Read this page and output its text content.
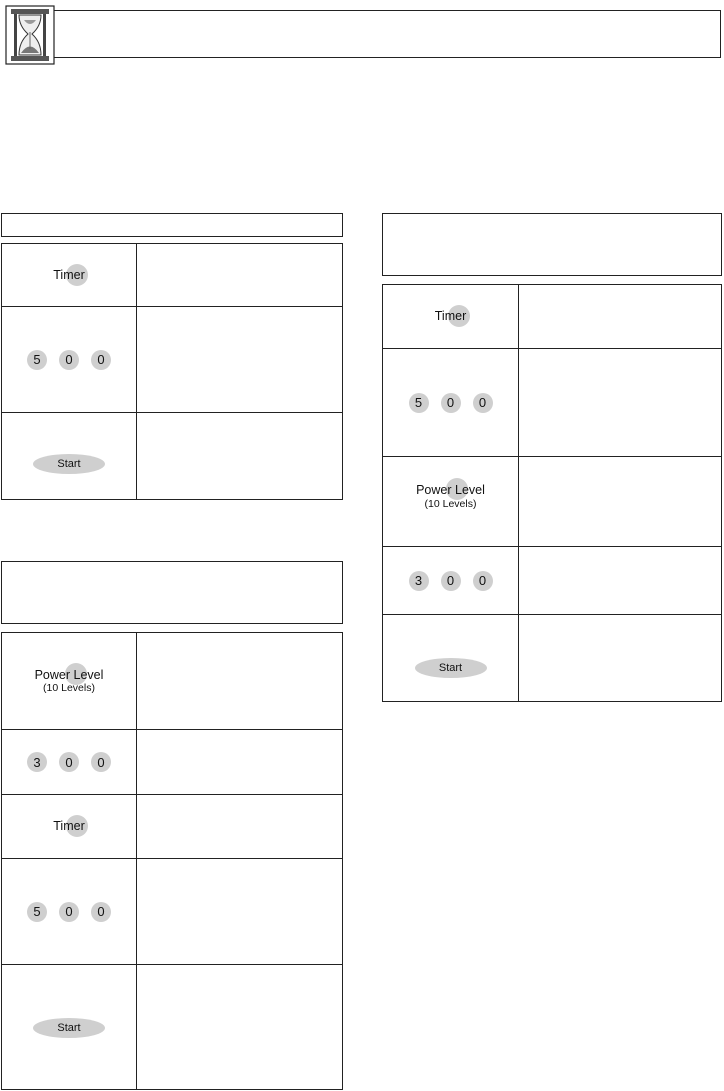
Timer
5	0	0
Start
Power Level
(10 Levels)
3	0	0
Timer
5	0	0
Start
Timer
5	0	0
Power Level
(10 Levels)
3	0	0
Start
